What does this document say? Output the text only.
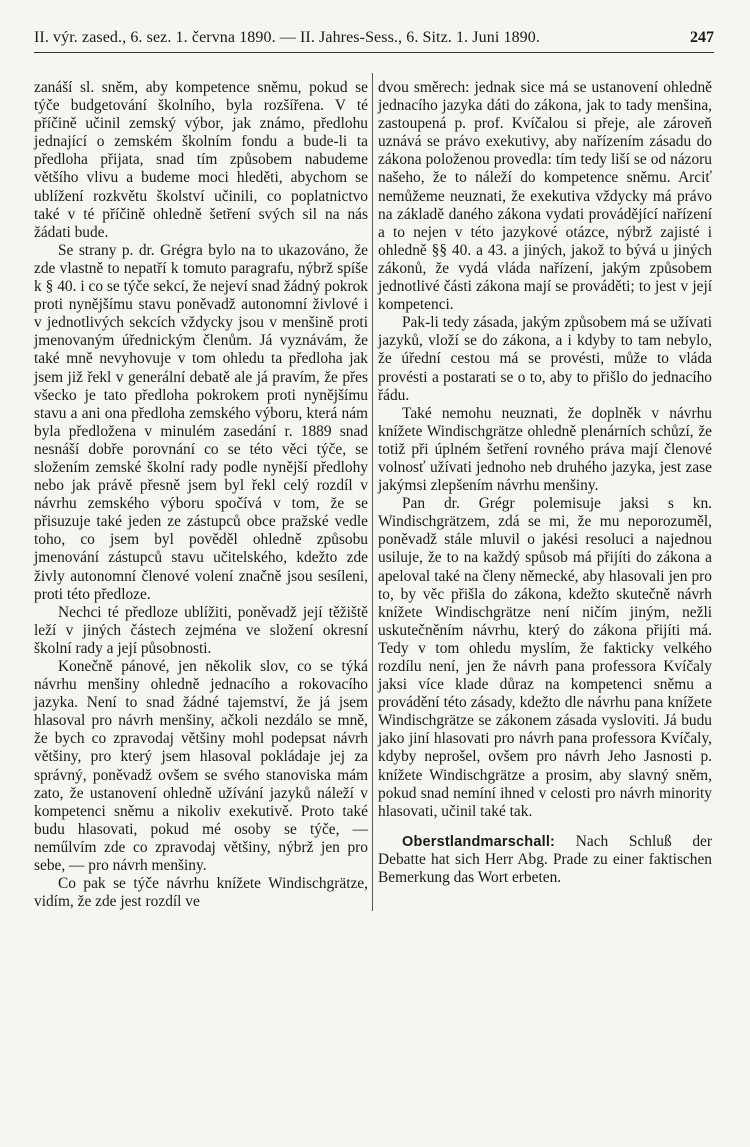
II. výr. zased., 6. sez. 1. června 1890. — II. Jahres-Sess., 6. Sitz. 1. Juni 1890.	247

zanáší sl. sněm, aby kompetence sněmu, pokud se týče budgetování školního, byla rozšířena. V té příčině učinil zemský výbor, jak známo, předlohu jednající o zemském školním fondu a bude-li ta předloha přijata, snad tím způsobem nabudeme většího vlivu a budeme moci hleděti, abychom se ublížení rozkvětu školství učinili, co poplatnictvo také v té příčině ohledně šetření svých sil na nás žádati bude.

Se strany p. dr. Grégra bylo na to ukazováno, že zde vlastně to nepatří k tomuto paragrafu, nýbrž spíše k § 40. i co se týče sekcí, že nejeví snad žádný pokrok proti nynějšímu stavu poněvadž autonomní živlové i v jednotlivých sekcích vždycky jsou v menšině proti jmenovaným úřednickým členům. Já vyznávám, že také mně nevyhovuje v tom ohledu ta předloha jak jsem již řekl v generální debatě ale já pravím, že přes všecko je tato předloha pokrokem proti nynějšímu stavu a ani ona předloha zemského výboru, která nám byla předložena v minulém zasedání r. 1889 snad nesnáší dobře porovnání co se této věci týče, se složením zemské školní rady podle nynější předlohy nebo jak právě přesně jsem byl řekl celý rozdíl v návrhu zemského výboru spočívá v tom, že se přisuzuje také jeden ze zástupců obce pražské vedle toho, co jsem byl pověděl ohledně způsobu jmenování zástupců stavu učitelského, kdežto zde živly autonomní členové volení značně jsou sesíleni, proti této předloze.

Nechci té předloze ublížiti, poněvadž její těžiště leží v jiných částech zejména ve složení okresní školní rady a její působnosti.

Konečně pánové, jen několik slov, co se týká návrhu menšiny ohledně jednacího a rokovacího jazyka. Není to snad žádné tajemství, že já jsem hlasoval pro návrh menšiny, ačkoli nezdálo se mně, že bych co zpravodaj většiny mohl podepsat návrh většiny, pro který jsem hlasoval pokládaje jej za správný, poněvadž ovšem se svého stanoviska mám zato, že ustanovení ohledně užívání jazyků náleží v kompetenci sněmu a nikoliv exekutivě. Proto také budu hlasovati, pokud mé osoby se týče, — neműlvím zde co zpravodaj většiny, nýbrž jen pro sebe, — pro návrh menšiny.

Co pak se týče návrhu knížete Windischgrätze, vidím, že zde jest rozdíl ve

dvou směrech: jednak sice má se ustanovení ohledně jednacího jazyka dáti do zákona, jak to tady menšina, zastoupená p. prof. Kvíčalou si přeje, ale zároveň uznává se právo exekutivy, aby nařízením zásadu do zákona položenou provedla: tím tedy liší se od názoru našeho, že to náleží do kompetence sněmu. Arciť nemůžeme neuznati, že exekutiva vždycky má právo na základě daného zákona vydati provádějící nařízení a to nejen v této jazykové otázce, nýbrž zajisté i ohledně §§ 40. a 43. a jiných, jakož to bývá u jiných zákonů, že vydá vláda nařízení, jakým způsobem jednotlivé části zákona mají se prováděti; to jest v její kompetenci.

Pak-li tedy zásada, jakým způsobem má se užívati jazyků, vloží se do zákona, a i kdyby to tam nebylo, že úřední cestou má se provésti, může to vláda provésti a postarati se o to, aby to přišlo do jednacího řádu.

Také nemohu neuznati, že doplněk v návrhu knížete Windischgrätze ohledně plenárních schůzí, že totiž při úplném šetření rovného práva mají členové volnosť užívati jednoho neb druhého jazyka, jest zase jakýmsi zlepšením návrhu menšiny.

Pan dr. Grégr polemisuje jaksi s kn. Windischgrätzem, zdá se mi, že mu neporozuměl, poněvadž stále mluvil o jakési resoluci a najednou usiluje, že to na každý spůsob má přijíti do zákona a apeloval také na členy německé, aby hlasovali jen pro to, by věc přišla do zákona, kdežto skutečně návrh knížete Windischgrätze není ničím jiným, nežli uskutečněním návrhu, který do zákona přijíti má. Tedy v tom ohledu myslím, že fakticky velkého rozdílu není, jen že návrh pana professora Kvíčaly jaksi více klade důraz na kompetenci sněmu a provádění této zásady, kdežto dle návrhu pana knížete Windischgrätze se zákonem zásada vysloviti. Já budu jako jiní hlasovati pro návrh pana professora Kvíčaly, kdyby neprošel, ovšem pro návrh Jeho Jasnosti p. knížete Windischgrätze a prosim, aby slavný sněm, pokud snad nemíní ihned v celosti pro návrh minority hlasovati, učinil také tak.

Oberstlandmarschall: Nach Schluß der Debatte hat sich Herr Abg. Prade zu einer faktischen Bemerkung das Wort erbeten.
